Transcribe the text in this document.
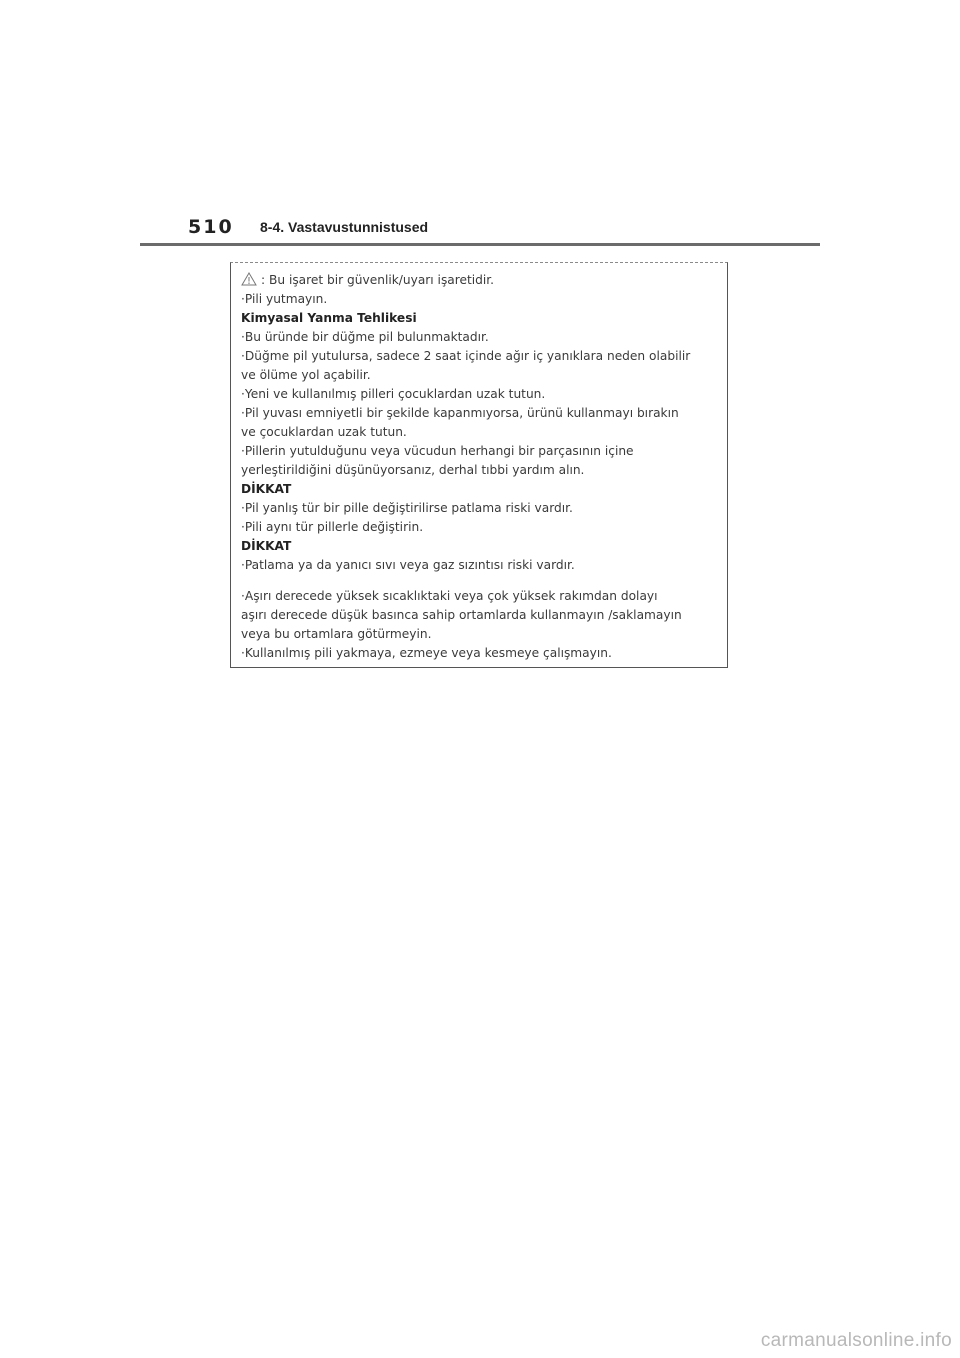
510 8-4. Vastavustunnistused
: Bu işaret bir güvenlik/uyarı işaretidir.
·Pili yutmayın.
Kimyasal Yanma Tehlikesi
·Bu üründe bir düğme pil bulunmaktadır.
·Düğme pil yutulursa, sadece 2 saat içinde ağır iç yanıklara neden olabilir
ve ölüme yol açabilir.
·Yeni ve kullanılmış pilleri çocuklardan uzak tutun.
·Pil yuvası emniyetli bir şekilde kapanmıyorsa, ürünü kullanmayı bırakın
ve çocuklardan uzak tutun.
·Pillerin yutulduğunu veya vücudun herhangi bir parçasının içine
yerleştirildiğini düşünüyorsanız, derhal tıbbi yardım alın.
DİKKAT
·Pil yanlış tür bir pille değiştirilirse patlama riski vardır.
·Pili aynı tür pillerle değiştirin.
DİKKAT
·Patlama ya da yanıcı sıvı veya gaz sızıntısı riski vardır.
·Aşırı derecede yüksek sıcaklıktaki veya çok yüksek rakımdan dolayı
aşırı derecede düşük basınca sahip ortamlarda kullanmayın /saklamayın
veya bu ortamlara götürmeyin.
·Kullanılmış pili yakmaya, ezmeye veya kesmeye çalışmayın.
carmanualsonline.info
